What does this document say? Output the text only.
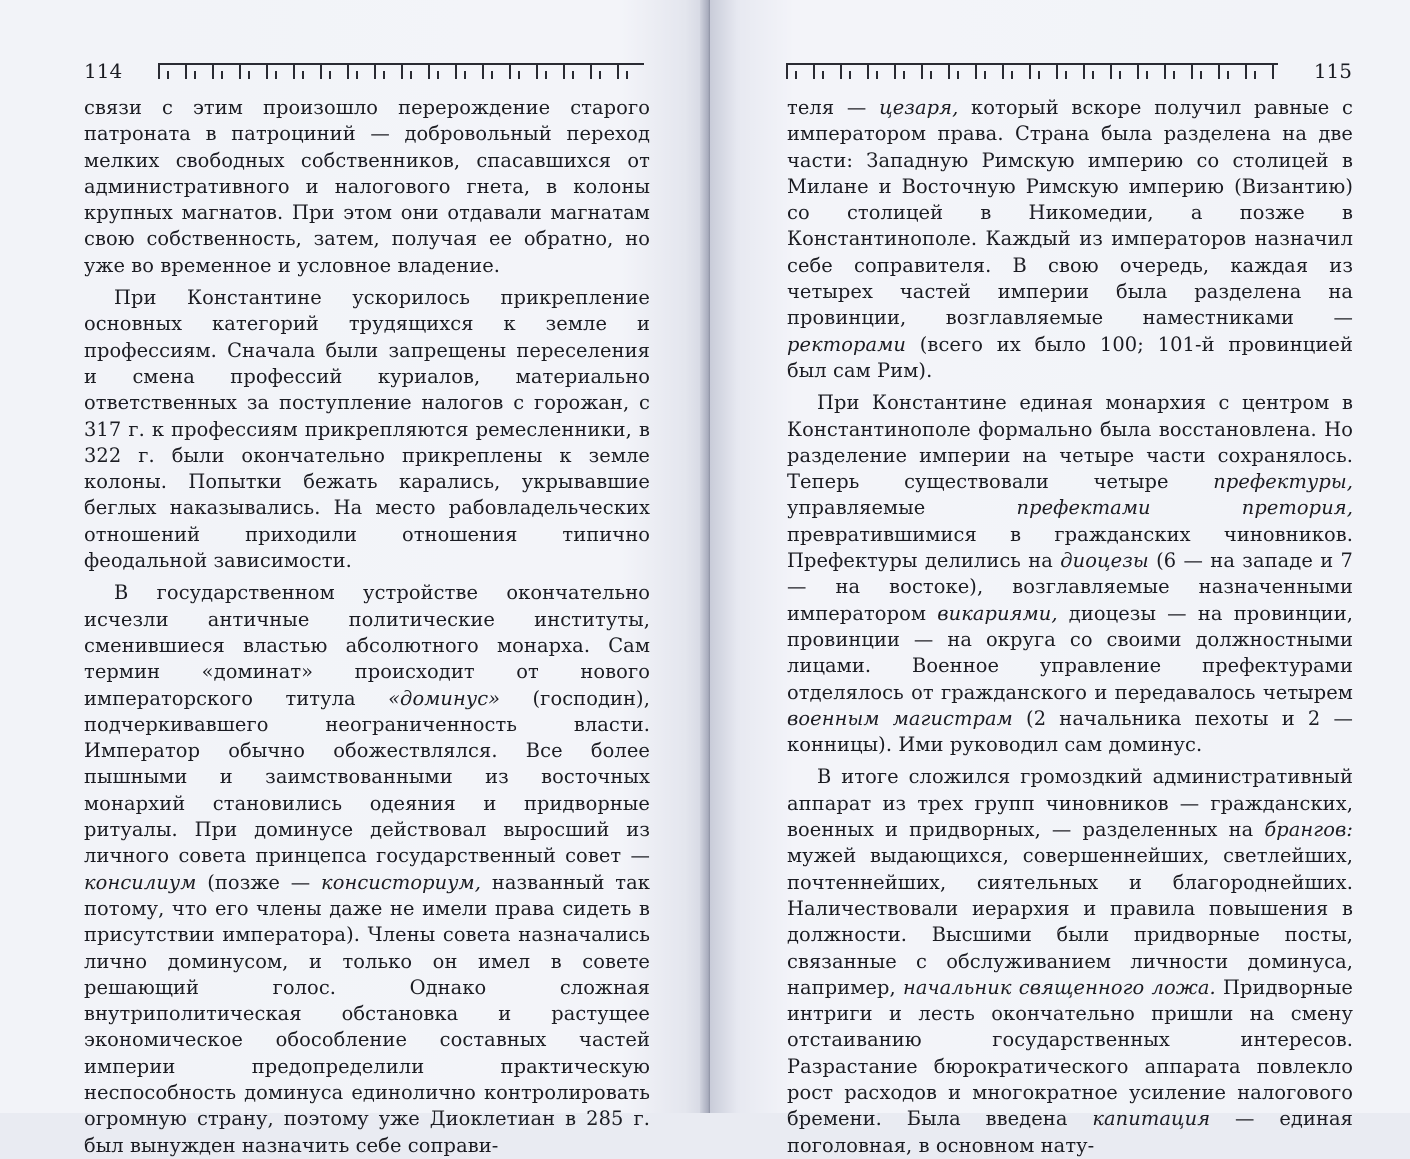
114

связи с этим произошло перерождение старого патроната в патроциний — добровольный переход мелких свободных собственников, спасавшихся от административного и налогового гнета, в колоны крупных магнатов. При этом они отдавали магнатам свою собственность, затем, получая ее обратно, но уже во временное и условное владение.

При Константине ускорилось прикрепление основных категорий трудящихся к земле и профессиям. Сначала были запрещены переселения и смена профессий куриалов, материально ответственных за поступление налогов с горожан, с 317 г. к профессиям прикрепляются ремесленники, в 322 г. были окончательно прикреплены к земле колоны. Попытки бежать карались, укрывавшие беглых наказывались. На место рабовладельческих отношений приходили отношения типично феодальной зависимости.

В государственном устройстве окончательно исчезли античные политические институты, сменившиеся властью абсолютного монарха. Сам термин «доминат» происходит от нового императорского титула «доминус» (господин), подчеркивавшего неограниченность власти. Император обычно обожествлялся. Все более пышными и заимствованными из восточных монархий становились одеяния и придворные ритуалы. При доминусе действовал выросший из личного совета принцепса государственный совет — консилиум (позже — консисториум, названный так потому, что его члены даже не имели права сидеть в присутствии императора). Члены совета назначались лично доминусом, и только он имел в совете решающий голос. Однако сложная внутриполитическая обстановка и растущее экономическое обособление составных частей империи предопределили практическую неспособность доминуса единолично контролировать огромную страну, поэтому уже Диоклетиан в 285 г. был вынужден назначить себе соправи-

115

теля — цезаря, который вскоре получил равные с императором права. Страна была разделена на две части: Западную Римскую империю со столицей в Милане и Восточную Римскую империю (Византию) со столицей в Никомедии, а позже в Константинополе. Каждый из императоров назначил себе соправителя. В свою очередь, каждая из четырех частей империи была разделена на провинции, возглавляемые наместниками — ректорами (всего их было 100; 101-й провинцией был сам Рим).

При Константине единая монархия с центром в Константинополе формально была восстановлена. Но разделение империи на четыре части сохранялось. Теперь существовали четыре префектуры, управляемые префектами претория, превратившимися в гражданских чиновников. Префектуры делились на диоцезы (6 — на западе и 7 — на востоке), возглавляемые назначенными императором викариями, диоцезы — на провинции, провинции — на округа со своими должностными лицами. Военное управление префектурами отделялось от гражданского и передавалось четырем военным магистрам (2 начальника пехоты и 2 — конницы). Ими руководил сам доминус.

В итоге сложился громоздкий административный аппарат из трех групп чиновников — гражданских, военных и придворных, — разделенных на брангов: мужей выдающихся, совершеннейших, светлейших, почтеннейших, сиятельных и благороднейших. Наличествовали иерархия и правила повышения в должности. Высшими были придворные посты, связанные с обслуживанием личности доминуса, например, начальник священного ложа. Придворные интриги и лесть окончательно пришли на смену отстаиванию государственных интересов. Разрастание бюрократического аппарата повлекло рост расходов и многократное усиление налогового бремени. Была введена капитация — единая поголовная, в основном нату-
